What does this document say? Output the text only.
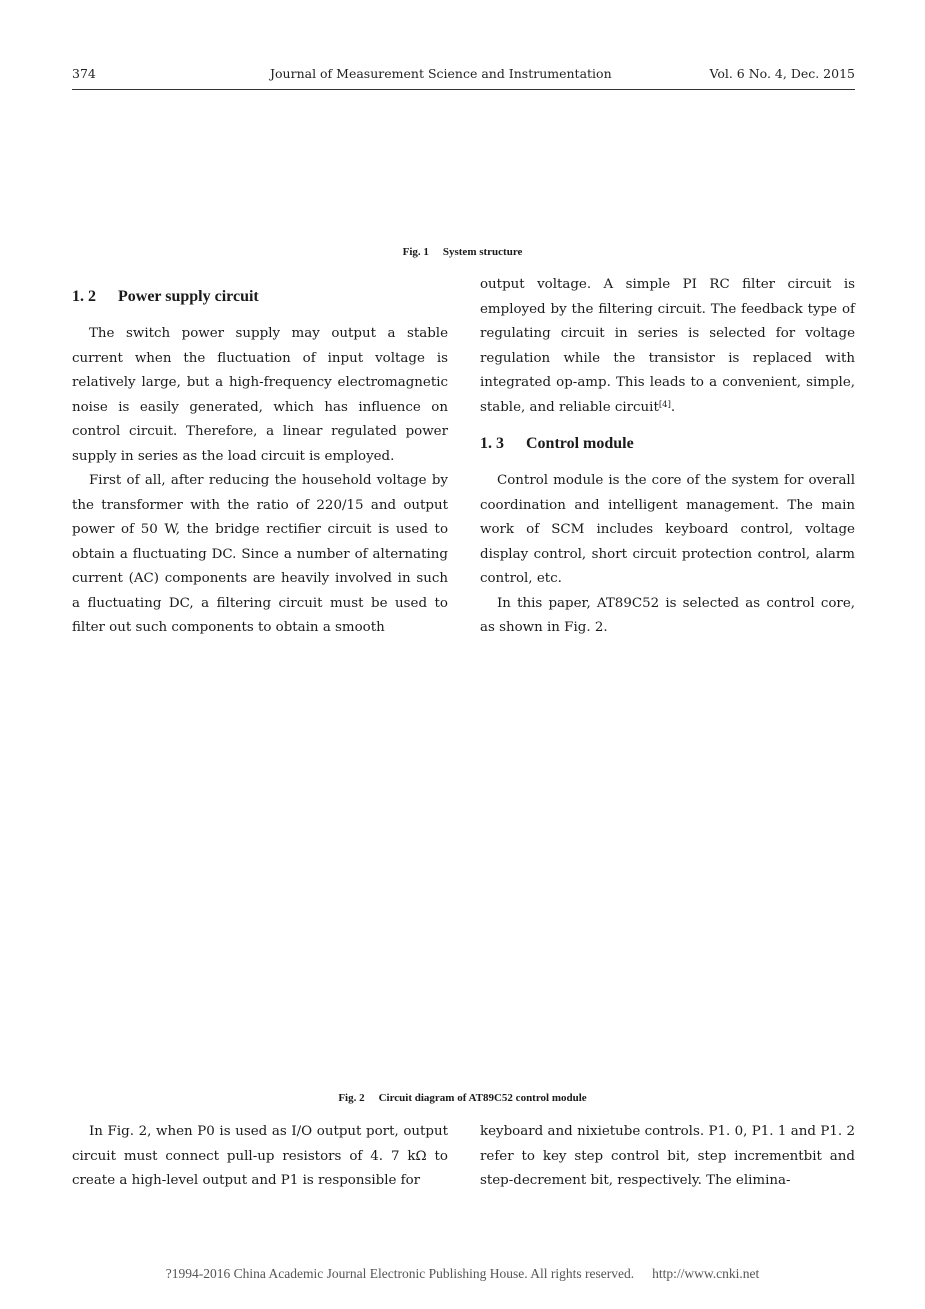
374	Journal of Measurement Science and Instrumentation	Vol. 6 No. 4, Dec. 2015
Fig. 1 System structure
1. 2 Power supply circuit

The switch power supply may output a stable current when the fluctuation of input voltage is relatively large, but a high-frequency electromagnetic noise is easily generated, which has influence on control circuit. Therefore, a linear regulated power supply in series as the load circuit is employed.

First of all, after reducing the household voltage by the transformer with the ratio of 220/15 and output power of 50 W, the bridge rectifier circuit is used to obtain a fluctuating DC. Since a number of alternating current (AC) components are heavily involved in such a fluctuating DC, a filtering circuit must be used to filter out such components to obtain a smooth

output voltage. A simple PI RC filter circuit is employed by the filtering circuit. The feedback type of regulating circuit in series is selected for voltage regulation while the transistor is replaced with integrated op-amp. This leads to a convenient, simple, stable, and reliable circuit[4].

1. 3 Control module

Control module is the core of the system for overall coordination and intelligent management. The main work of SCM includes keyboard control, voltage display control, short circuit protection control, alarm control, etc.

In this paper, AT89C52 is selected as control core, as shown in Fig. 2.

Fig. 2 Circuit diagram of AT89C52 control module

In Fig. 2, when P0 is used as I/O output port, output circuit must connect pull-up resistors of 4. 7 kΩ to create a high-level output and P1 is responsible for

keyboard and nixietube controls. P1. 0, P1. 1 and P1. 2 refer to key step control bit, step incrementbit and step-decrement bit, respectively. The elimina-

?1994-2016 China Academic Journal Electronic Publishing House. All rights reserved. http://www.cnki.net
